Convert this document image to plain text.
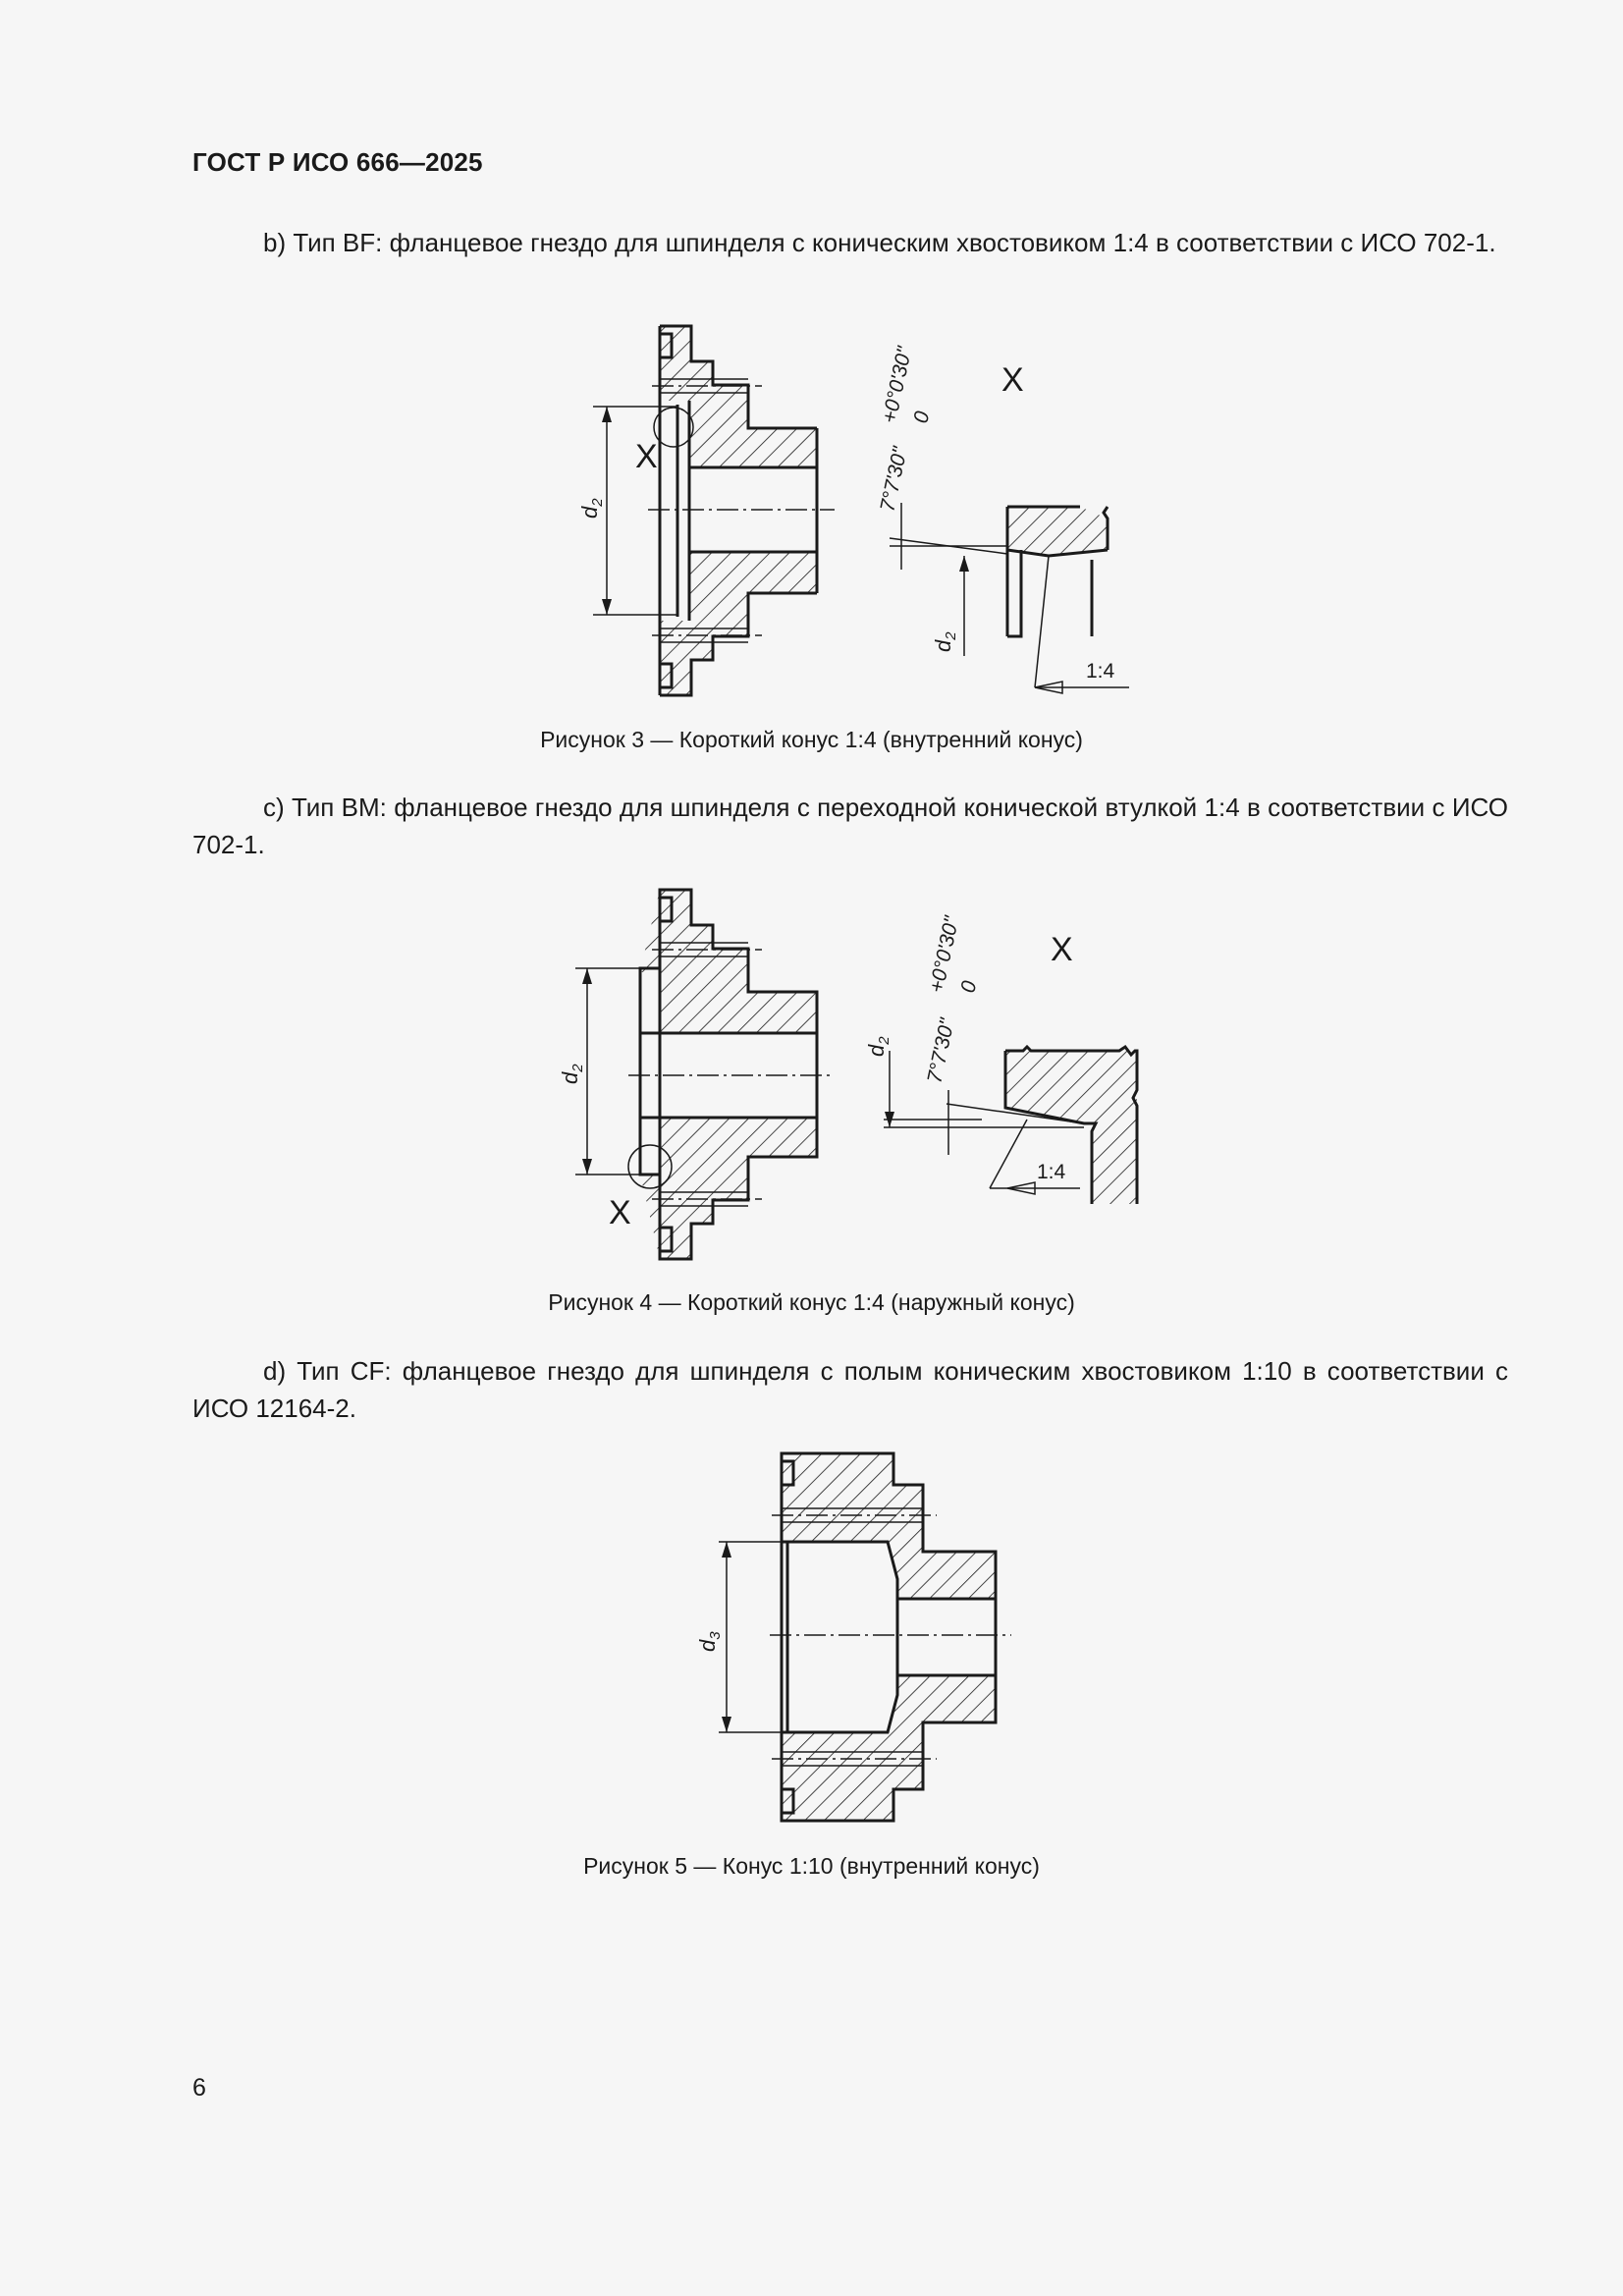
ГОСТ Р ИСО 666—2025
b) Тип BF: фланцевое гнездо для шпинделя с коническим хвостовиком 1:4 в соответствии с ИСО 702-1.
X
$d_2$
X
1:4
7°7'30"
+0°0'30"
0
$d_2$
Рисунок 3 — Короткий конус 1:4 (внутренний конус)
c) Тип BM: фланцевое гнездо для шпинделя с переходной конической втулкой 1:4 в соответствии с ИСО 702-1.
X
$d_2$
X
1:4
7°7'30"
+0°0'30"
0
$d_2$
Рисунок 4 — Короткий конус 1:4 (наружный конус)
d) Тип CF: фланцевое гнездо для шпинделя с полым коническим хвостовиком 1:10 в соответствии с ИСО 12164-2.
$d_3$
Рисунок 5 — Конус 1:10 (внутренний конус)
6
